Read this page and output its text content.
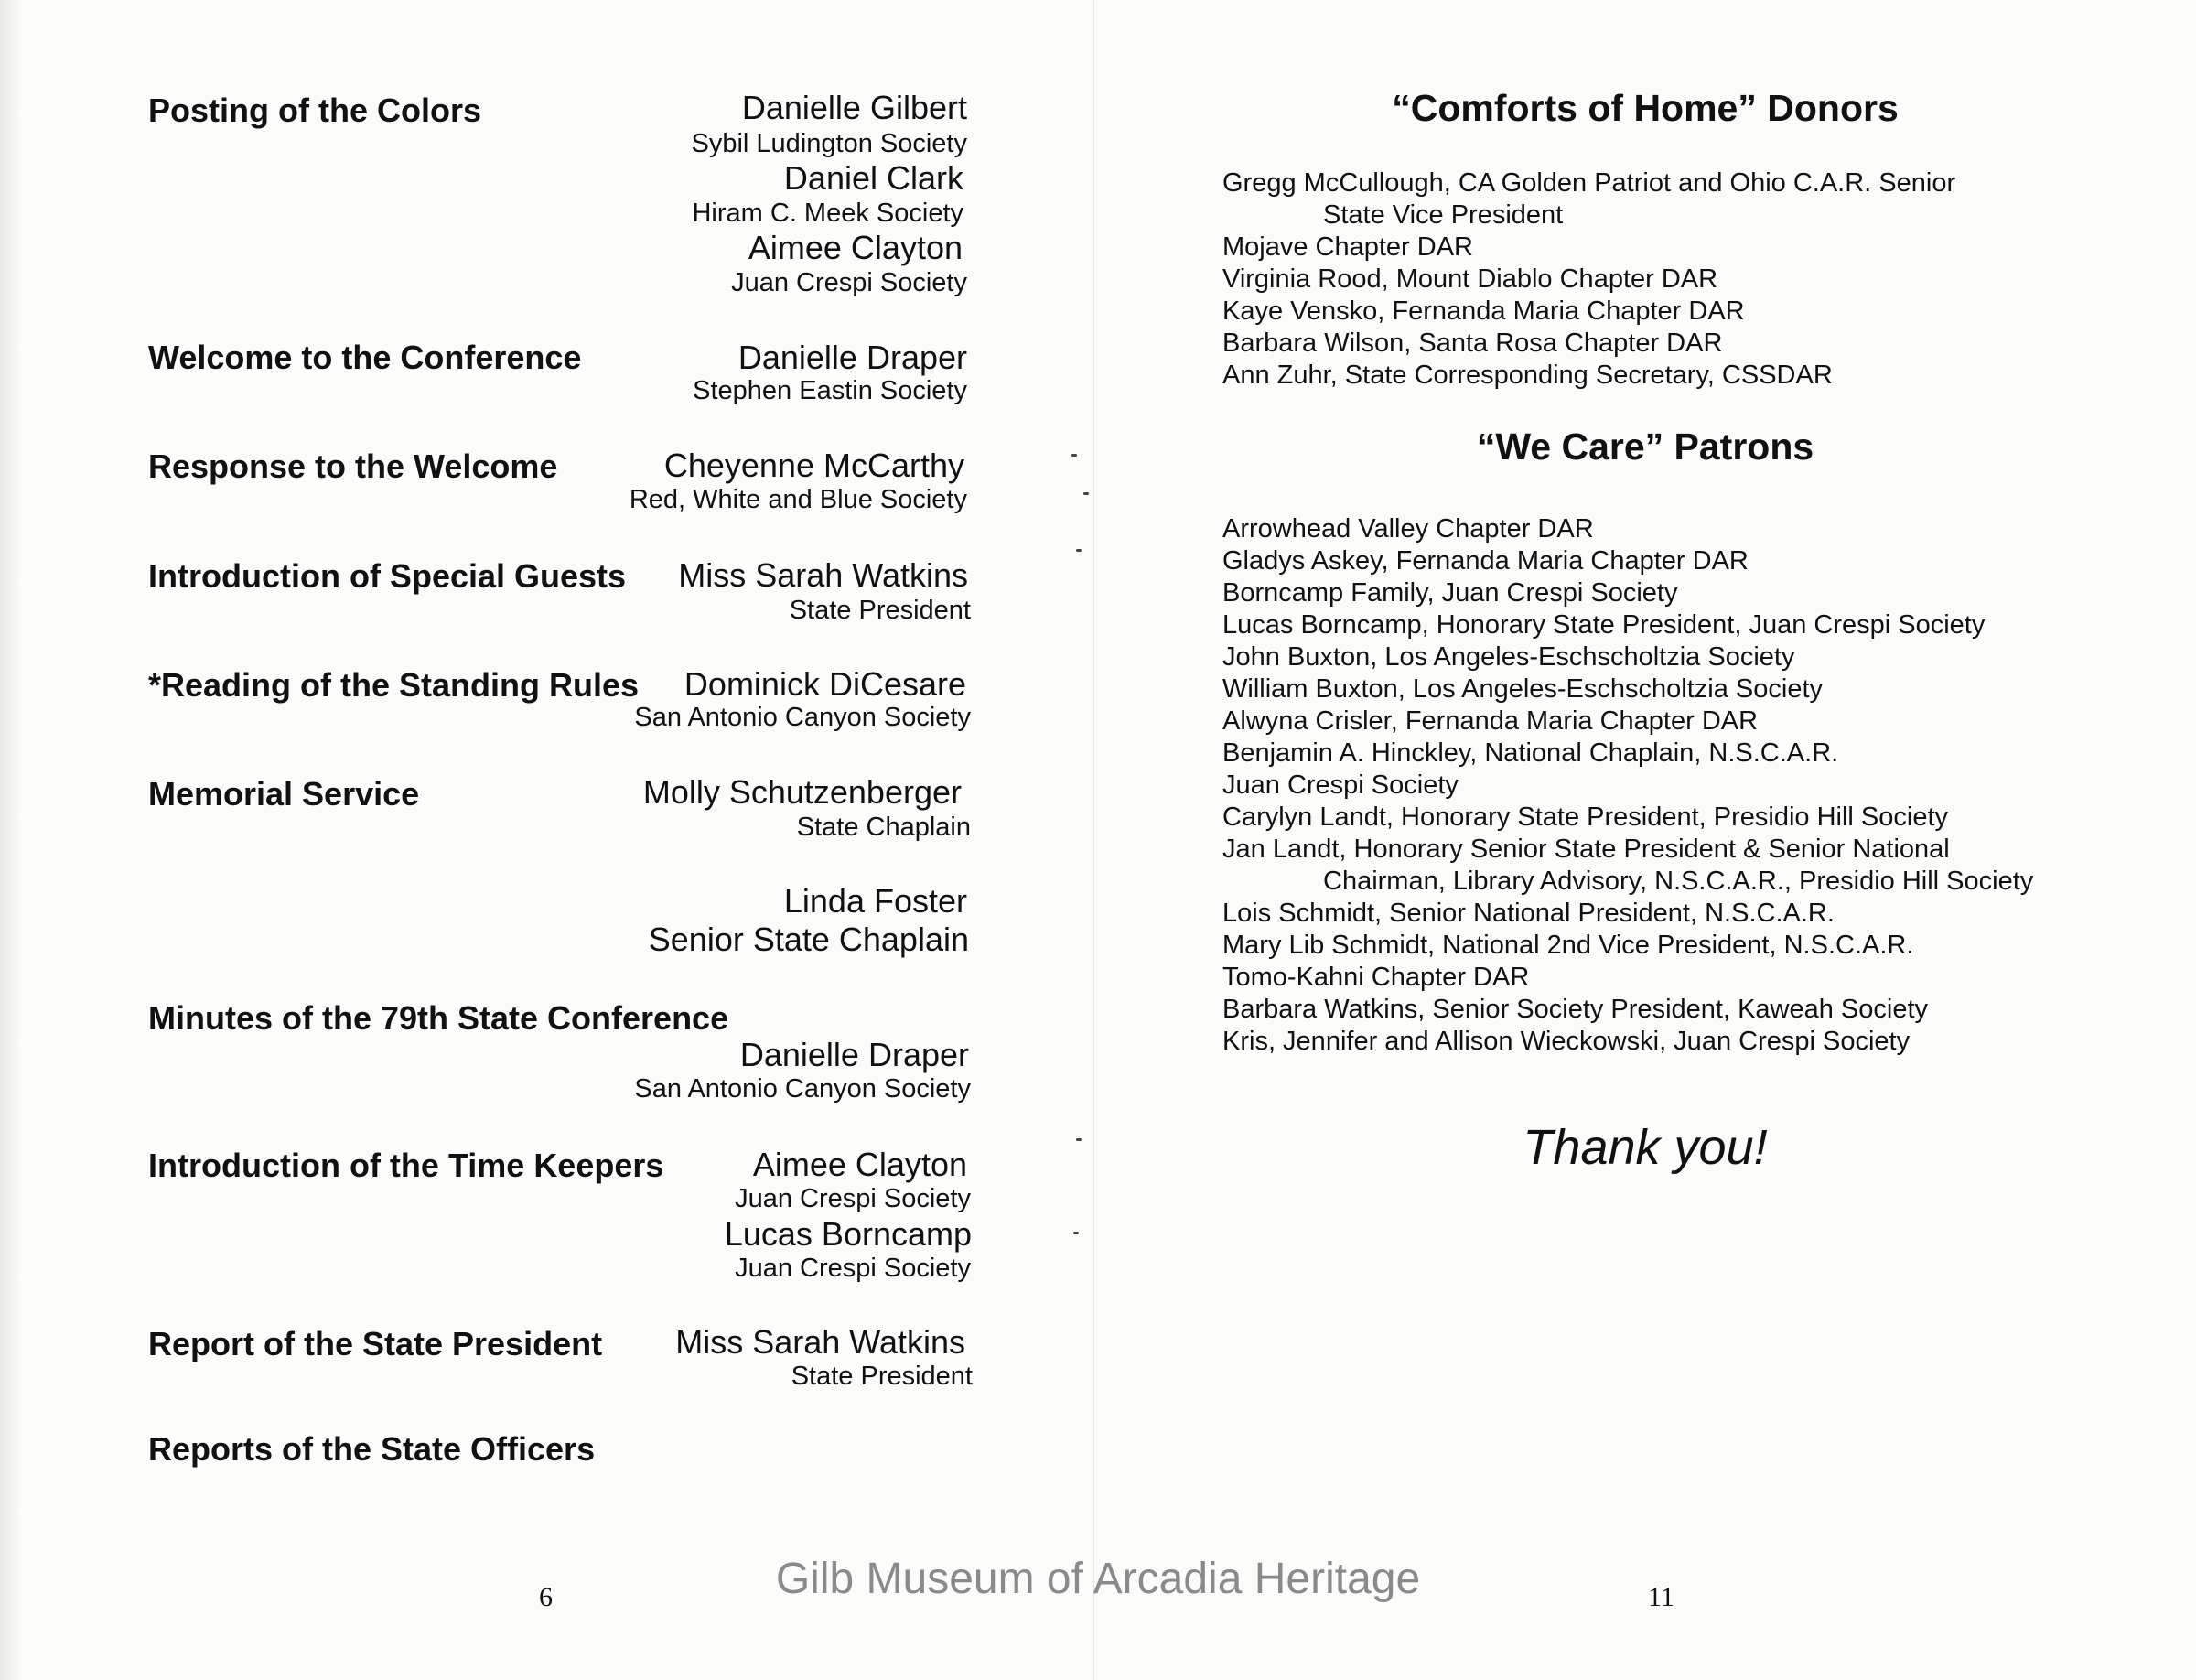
Posting of the Colors	Danielle Gilbert
Sybil Ludington Society
Daniel Clark
Hiram C. Meek Society
Aimee Clayton
Juan Crespi Society
Welcome to the Conference	Danielle Draper
Stephen Eastin Society
Response to the Welcome	Cheyenne McCarthy
Red, White and Blue Society
Introduction of Special Guests Miss Sarah Watkins
State President
*Reading of the Standing Rules Dominick DiCesare
San Antonio Canyon Society
Memorial Service	Molly Schutzenberger
State Chaplain
Linda Foster
Senior State Chaplain
Minutes of the 79th State Conference
Danielle Draper
San Antonio Canyon Society
Introduction of the Time Keepers	Aimee Clayton
Juan Crespi Society
Lucas Borncamp
Juan Crespi Society
Report of the State President Miss Sarah Watkins
State President
Reports of the State Officers
6
“Comforts of Home” Donors
Gregg McCullough, CA Golden Patriot and Ohio C.A.R. Senior
State Vice President
Mojave Chapter DAR
Virginia Rood, Mount Diablo Chapter DAR
Kaye Vensko, Fernanda Maria Chapter DAR
Barbara Wilson, Santa Rosa Chapter DAR
Ann Zuhr, State Corresponding Secretary, CSSDAR
“We Care” Patrons
Arrowhead Valley Chapter DAR
Gladys Askey, Fernanda Maria Chapter DAR
Borncamp Family, Juan Crespi Society
Lucas Borncamp, Honorary State President, Juan Crespi Society
John Buxton, Los Angeles-Eschscholtzia Society
William Buxton, Los Angeles-Eschscholtzia Society
Alwyna Crisler, Fernanda Maria Chapter DAR
Benjamin A. Hinckley, National Chaplain, N.S.C.A.R.
Juan Crespi Society
Carylyn Landt, Honorary State President, Presidio Hill Society
Jan Landt, Honorary Senior State President & Senior National
Chairman, Library Advisory, N.S.C.A.R., Presidio Hill Society
Lois Schmidt, Senior National President, N.S.C.A.R.
Mary Lib Schmidt, National 2nd Vice President, N.S.C.A.R.
Tomo-Kahni Chapter DAR
Barbara Watkins, Senior Society President, Kaweah Society
Kris, Jennifer and Allison Wieckowski, Juan Crespi Society
Thank you!
11
Gilb Museum of Arcadia Heritage
